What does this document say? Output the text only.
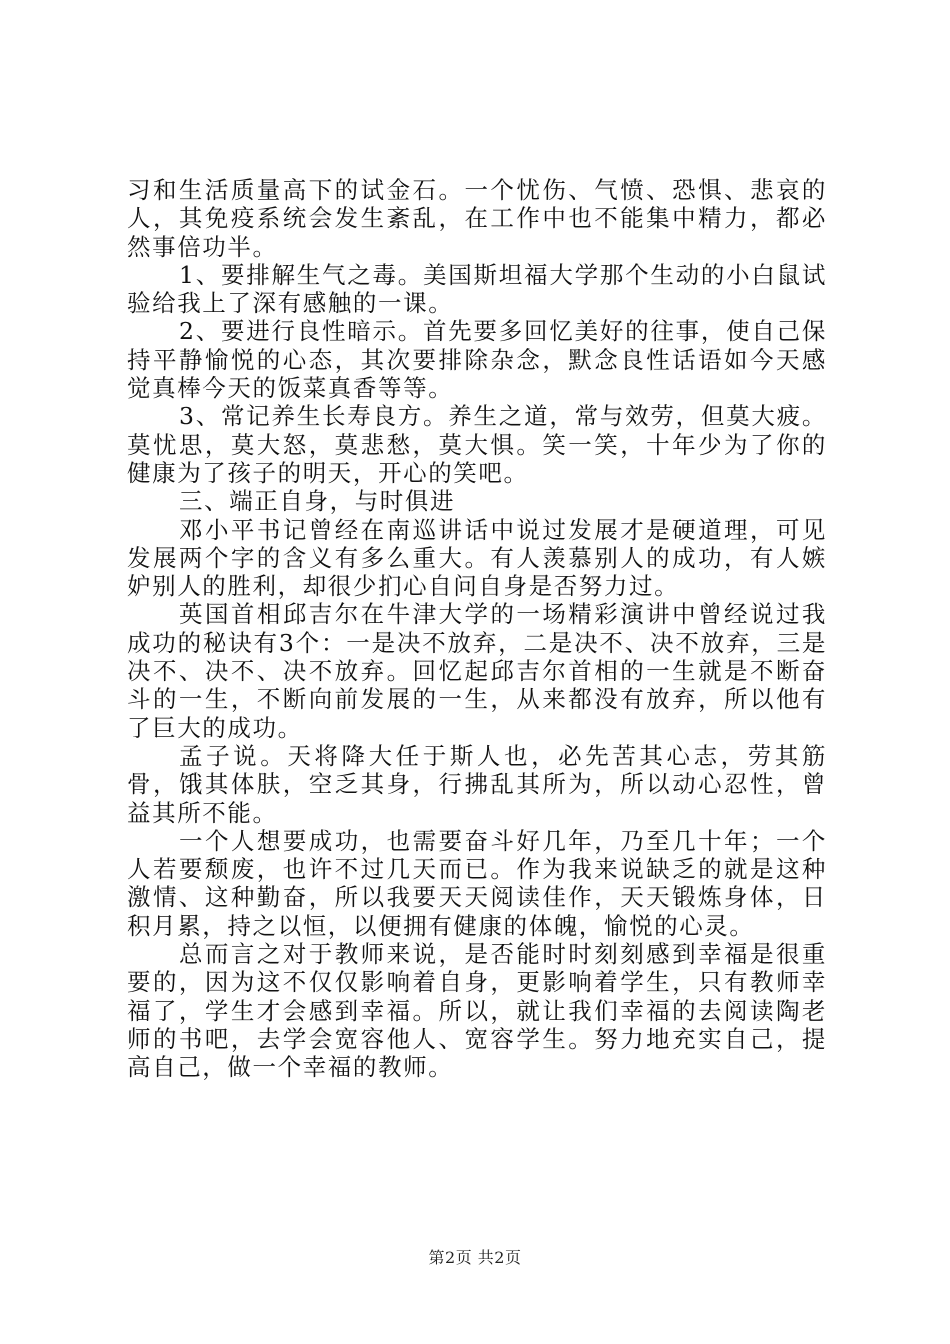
习和生活质量高下的试金石。一个忧伤、气愤、恐惧、悲哀的人，其免疫系统会发生紊乱，在工作中也不能集中精力，都必然事倍功半。

1、要排解生气之毒。美国斯坦福大学那个生动的小白鼠试验给我上了深有感触的一课。

2、要进行良性暗示。首先要多回忆美好的往事，使自己保持平静愉悦的心态，其次要排除杂念，默念良性话语如今天感觉真棒今天的饭菜真香等等。

3、常记养生长寿良方。养生之道，常与效劳，但莫大疲。莫忧思，莫大怒，莫悲愁，莫大惧。笑一笑，十年少为了你的健康为了孩子的明天，开心的笑吧。

三、端正自身，与时俱进

邓小平书记曾经在南巡讲话中说过发展才是硬道理，可见发展两个字的含义有多么重大。有人羡慕别人的成功，有人嫉妒别人的胜利，却很少扪心自问自身是否努力过。

英国首相邱吉尔在牛津大学的一场精彩演讲中曾经说过我成功的秘诀有3个：一是决不放弃，二是决不、决不放弃，三是决不、决不、决不放弃。回忆起邱吉尔首相的一生就是不断奋斗的一生，不断向前发展的一生，从来都没有放弃，所以他有了巨大的成功。

孟子说。天将降大任于斯人也，必先苦其心志，劳其筋骨，饿其体肤，空乏其身，行拂乱其所为，所以动心忍性，曾益其所不能。

一个人想要成功，也需要奋斗好几年，乃至几十年；一个人若要颓废，也许不过几天而已。作为我来说缺乏的就是这种激情、这种勤奋，所以我要天天阅读佳作，天天锻炼身体，日积月累，持之以恒，以便拥有健康的体魄，愉悦的心灵。

总而言之对于教师来说，是否能时时刻刻感到幸福是很重要的，因为这不仅仅影响着自身，更影响着学生，只有教师幸福了，学生才会感到幸福。所以，就让我们幸福的去阅读陶老师的书吧，去学会宽容他人、宽容学生。努力地充实自己，提高自己，做一个幸福的教师。

第2页 共2页
